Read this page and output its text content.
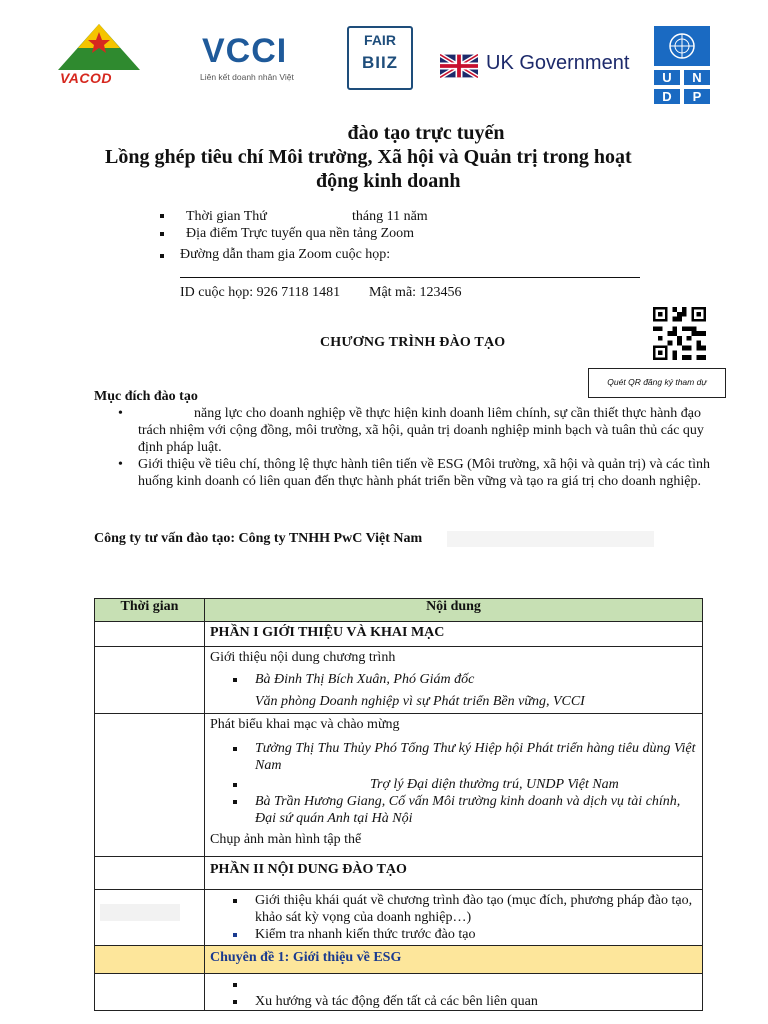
VACOD
VCCI
Liên kết doanh nhân Việt
FAIR
BIIZ	UK Government
U	N
D	P
đào tạo trực tuyến
Lồng ghép tiêu chí Môi trường, Xã hội và Quản trị trong hoạt
động kinh doanh
Thời gian Thứ	tháng 11 năm
Địa điểm Trực tuyến qua nền tảng Zoom
Đường dẫn tham gia Zoom cuộc họp:
ID cuộc họp: 926 7118 1481 Mật mã: 123456
CHƯƠNG TRÌNH ĐÀO TẠO
Quét QR đăng ký tham dự
Mục đích đào tạo
•	năng lực cho doanh nghiệp về thực hiện kinh doanh liêm chính, sự cần thiết thực hành đạo trách nhiệm với cộng đồng, môi trường, xã hội, quản trị doanh nghiệp minh bạch và tuân thủ các quy định pháp luật.
• Giới thiệu về tiêu chí, thông lệ thực hành tiên tiến về ESG (Môi trường, xã hội và quản trị) và các tình huống kinh doanh có liên quan đến thực hành phát triển bền vững và tạo ra giá trị cho doanh nghiệp.
Công ty tư vấn đào tạo: Công ty TNHH PwC Việt Nam
Thời gian	Nội dung
	PHẦN I GIỚI THIỆU VÀ KHAI MẠC

	Giới thiệu nội dung chương trình
Bà Đinh Thị Bích Xuân, Phó Giám đốc
Văn phòng Doanh nghiệp vì sự Phát triển Bền vững, VCCI

	Phát biểu khai mạc và chào mừng
Tưởng Thị Thu Thủy Phó Tổng Thư ký Hiệp hội Phát triển hàng tiêu dùng Việt Nam
Trợ lý Đại diện thường trú, UNDP Việt Nam
Bà Trần Hương Giang, Cố vấn Môi trường kinh doanh và dịch vụ tài chính, Đại sứ quán Anh tại Hà Nội
Chụp ảnh màn hình tập thể

	PHẦN II NỘI DUNG ĐÀO TẠO

Giới thiệu khái quát về chương trình đào tạo (mục đích, phương pháp đào tạo, khảo sát kỳ vọng của doanh nghiệp…)
Kiểm tra nhanh kiến thức trước đào tạo

	Chuyên đề 1: Giới thiệu về ESG

Xu hướng và tác động đến tất cả các bên liên quan
